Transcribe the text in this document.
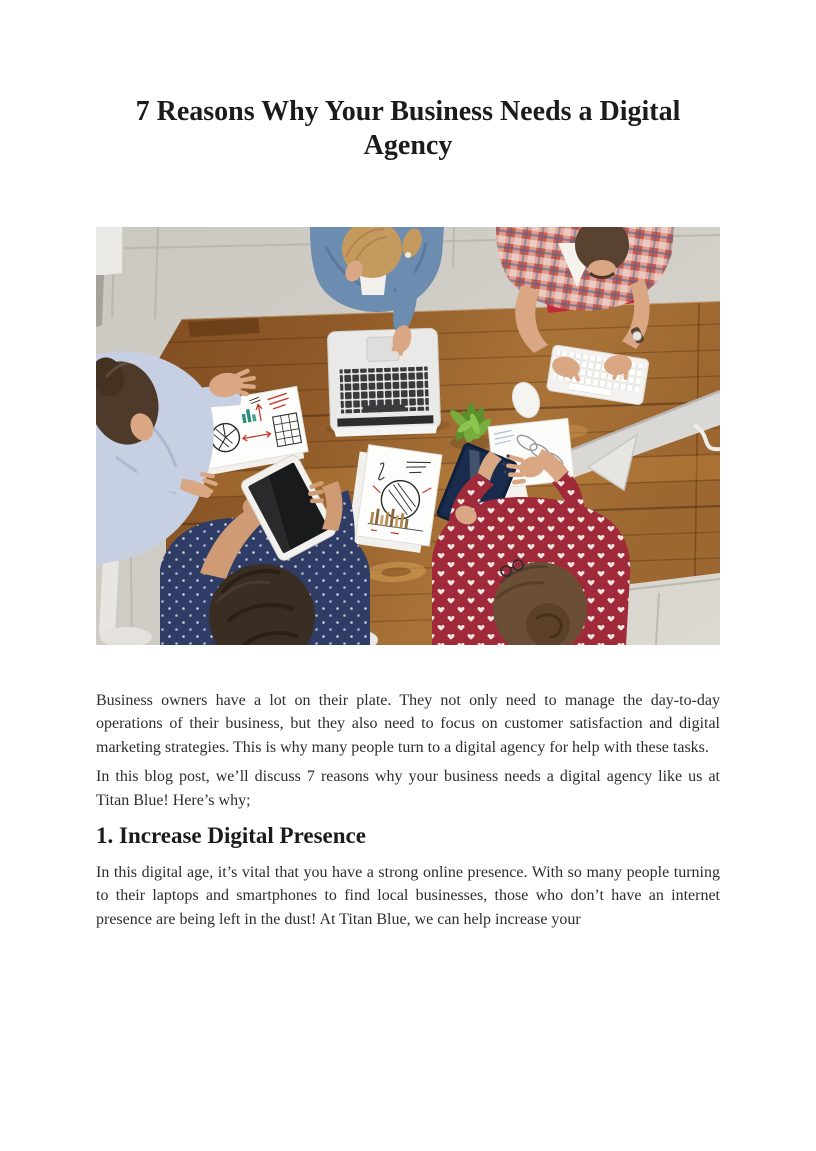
7 Reasons Why Your Business Needs a Digital Agency

Business owners have a lot on their plate. They not only need to manage the day-to-day operations of their business, but they also need to focus on customer satisfaction and digital marketing strategies. This is why many people turn to a digital agency for help with these tasks.

In this blog post, we’ll discuss 7 reasons why your business needs a digital agency like us at Titan Blue! Here’s why;

1. Increase Digital Presence

In this digital age, it’s vital that you have a strong online presence. With so many people turning to their laptops and smartphones to find local businesses, those who don’t have an internet presence are being left in the dust! At Titan Blue, we can help increase your
